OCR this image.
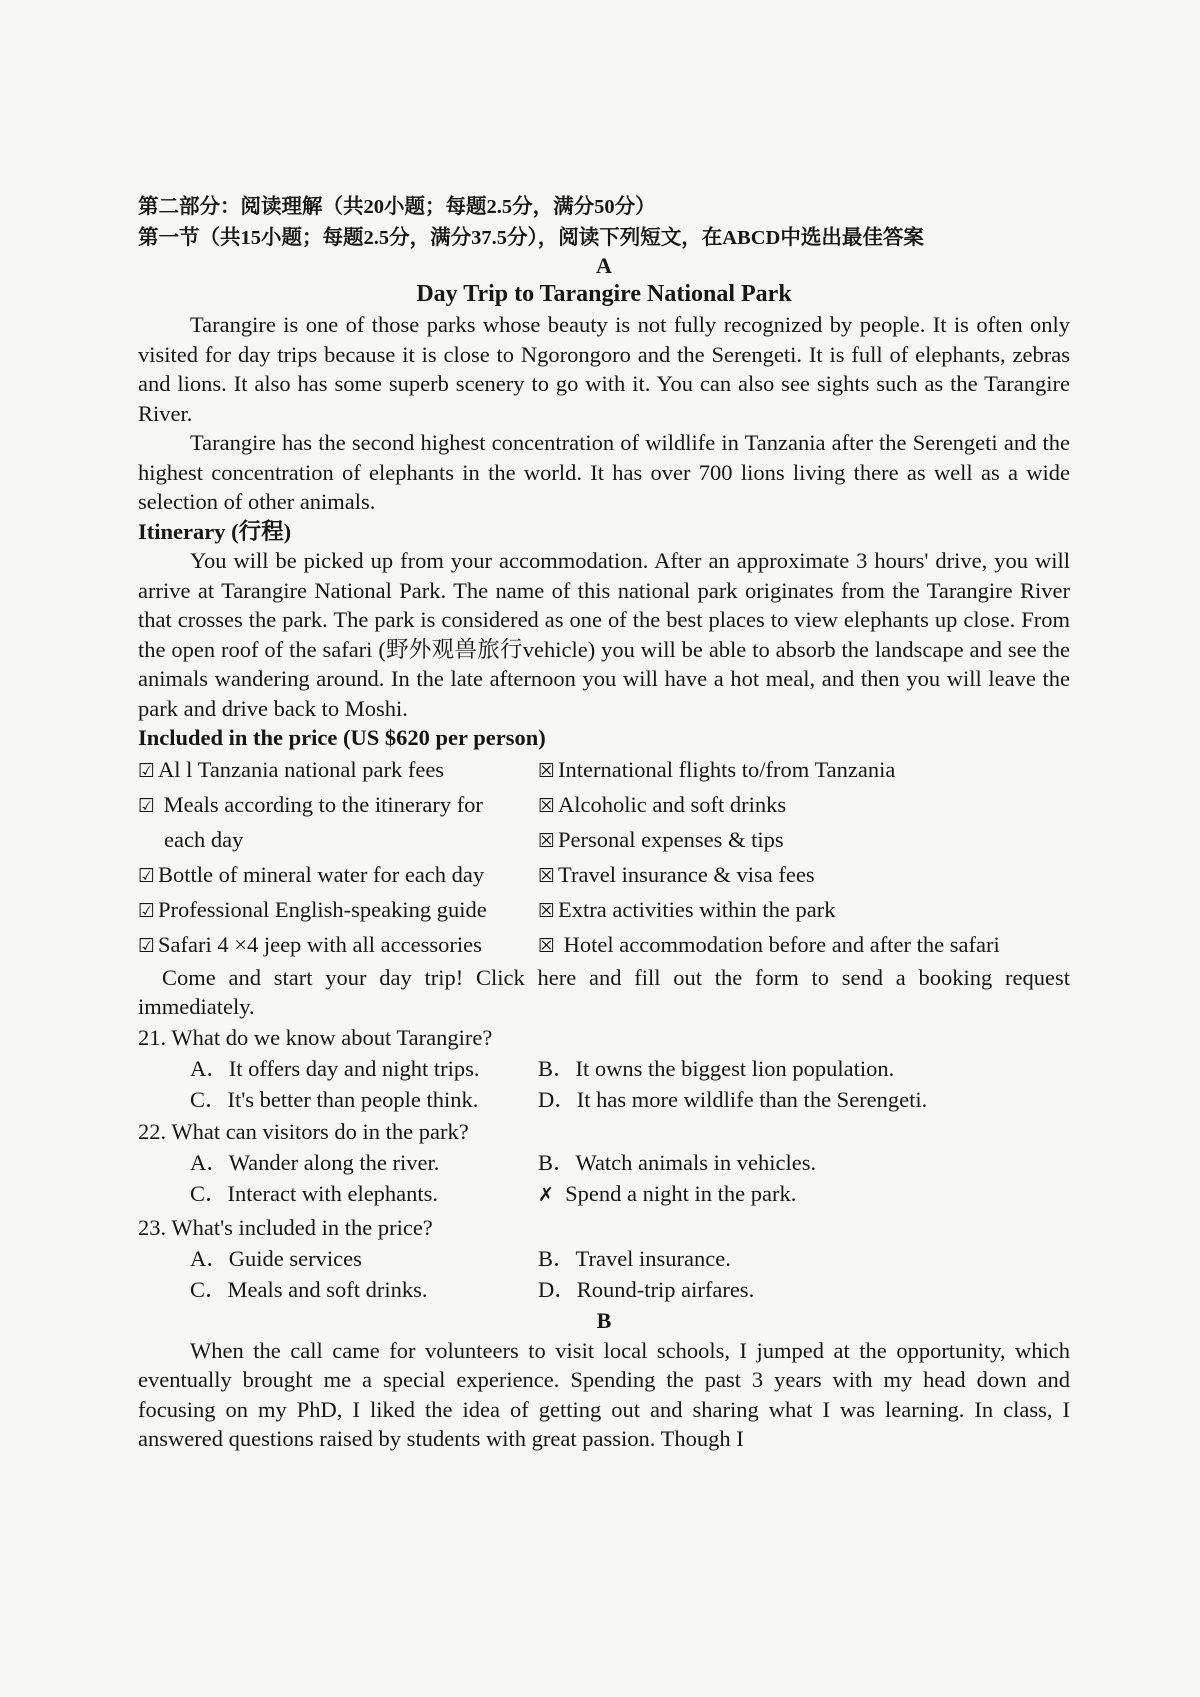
第二部分：阅读理解（共20小题；每题2.5分，满分50分）

第一节（共15小题；每题2.5分，满分37.5分），阅读下列短文，在ABCD中选出最佳答案

A

Day Trip to Tarangire National Park

Tarangire is one of those parks whose beauty is not fully recognized by people. It is often only visited for day trips because it is close to Ngorongoro and the Serengeti. It is full of elephants, zebras and lions. It also has some superb scenery to go with it. You can also see sights such as the Tarangire River.

Tarangire has the second highest concentration of wildlife in Tanzania after the Serengeti and the highest concentration of elephants in the world. It has over 700 lions living there as well as a wide selection of other animals.

Itinerary (行程)

You will be picked up from your accommodation. After an approximate 3 hours' drive, you will arrive at Tarangire National Park. The name of this national park originates from the Tarangire River that crosses the park. The park is considered as one of the best places to view elephants up close. From the open roof of the safari (野外观兽旅行vehicle) you will be able to absorb the landscape and see the animals wandering around. In the late afternoon you will have a hot meal, and then you will leave the park and drive back to Moshi.

Included in the price (US $620 per person)

☑ Al l Tanzania national park fees	☒ International flights to/from Tanzania
☑ Meals according to the itinerary for	☒ Alcoholic and soft drinks
each day	☒ Personal expenses & tips
☑ Bottle of mineral water for each day	☒ Travel insurance & visa fees
☑ Professional English-speaking guide	☒ Extra activities within the park
☑ Safari 4 ×4 jeep with all accessories	☒ Hotel accommodation before and after the safari

Come and start your day trip! Click here and fill out the form to send a booking request immediately.

21. What do we know about Tarangire?

A．It offers day and night trips.	B．It owns the biggest lion population.
C．It's better than people think.	D．It has more wildlife than the Serengeti.

22. What can visitors do in the park?

A．Wander along the river.	B．Watch animals in vehicles.
C．Interact with elephants.	✗ Spend a night in the park.

23. What's included in the price?

A．Guide services	B．Travel insurance.
C．Meals and soft drinks.	D．Round-trip airfares.

B

When the call came for volunteers to visit local schools, I jumped at the opportunity, which eventually brought me a special experience. Spending the past 3 years with my head down and focusing on my PhD, I liked the idea of getting out and sharing what I was learning. In class, I answered questions raised by students with great passion. Though I
